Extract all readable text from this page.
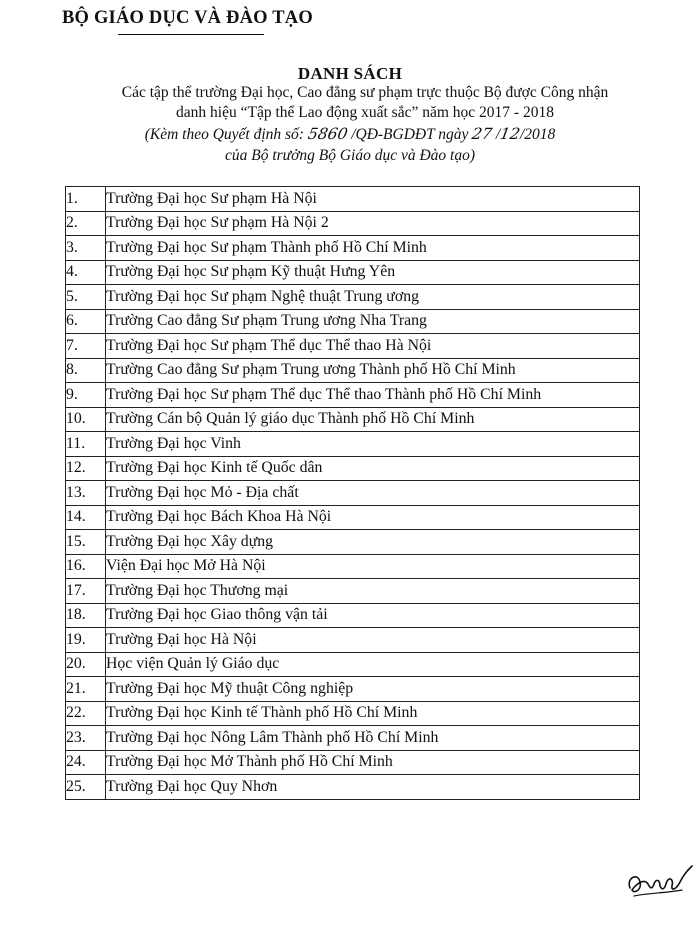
BỘ GIÁO DỤC VÀ ĐÀO TẠO
DANH SÁCH
Các tập thể trường Đại học, Cao đẳng sư phạm trực thuộc Bộ được Công nhận
danh hiệu “Tập thể Lao động xuất sắc” năm học 2017 - 2018
(Kèm theo Quyết định số: 5860 /QĐ-BGDĐT ngày 27 /12/2018
của Bộ trưởng Bộ Giáo dục và Đào tạo)
1.	Trường Đại học Sư phạm Hà Nội
2.	Trường Đại học Sư phạm Hà Nội 2
3.	Trường Đại học Sư phạm Thành phố Hồ Chí Minh
4.	Trường Đại học Sư phạm Kỹ thuật Hưng Yên
5.	Trường Đại học Sư phạm Nghệ thuật Trung ương
6.	Trường Cao đẳng Sư phạm Trung ương Nha Trang
7.	Trường Đại học Sư phạm Thể dục Thể thao Hà Nội
8.	Trường Cao đẳng Sư phạm Trung ương Thành phố Hồ Chí Minh
9.	Trường Đại học Sư phạm Thể dục Thể thao Thành phố Hồ Chí Minh
10.	Trường Cán bộ Quản lý giáo dục Thành phố Hồ Chí Minh
11.	Trường Đại học Vinh
12.	Trường Đại học Kinh tế Quốc dân
13.	Trường Đại học Mỏ - Địa chất
14.	Trường Đại học Bách Khoa Hà Nội
15.	Trường Đại học Xây dựng
16.	Viện Đại học Mở Hà Nội
17.	Trường Đại học Thương mại
18.	Trường Đại học Giao thông vận tải
19.	Trường Đại học Hà Nội
20.	Học viện Quản lý Giáo dục
21.	Trường Đại học Mỹ thuật Công nghiệp
22.	Trường Đại học Kinh tế Thành phố Hồ Chí Minh
23.	Trường Đại học Nông Lâm Thành phố Hồ Chí Minh
24.	Trường Đại học Mở Thành phố Hồ Chí Minh
25.	Trường Đại học Quy Nhơn
